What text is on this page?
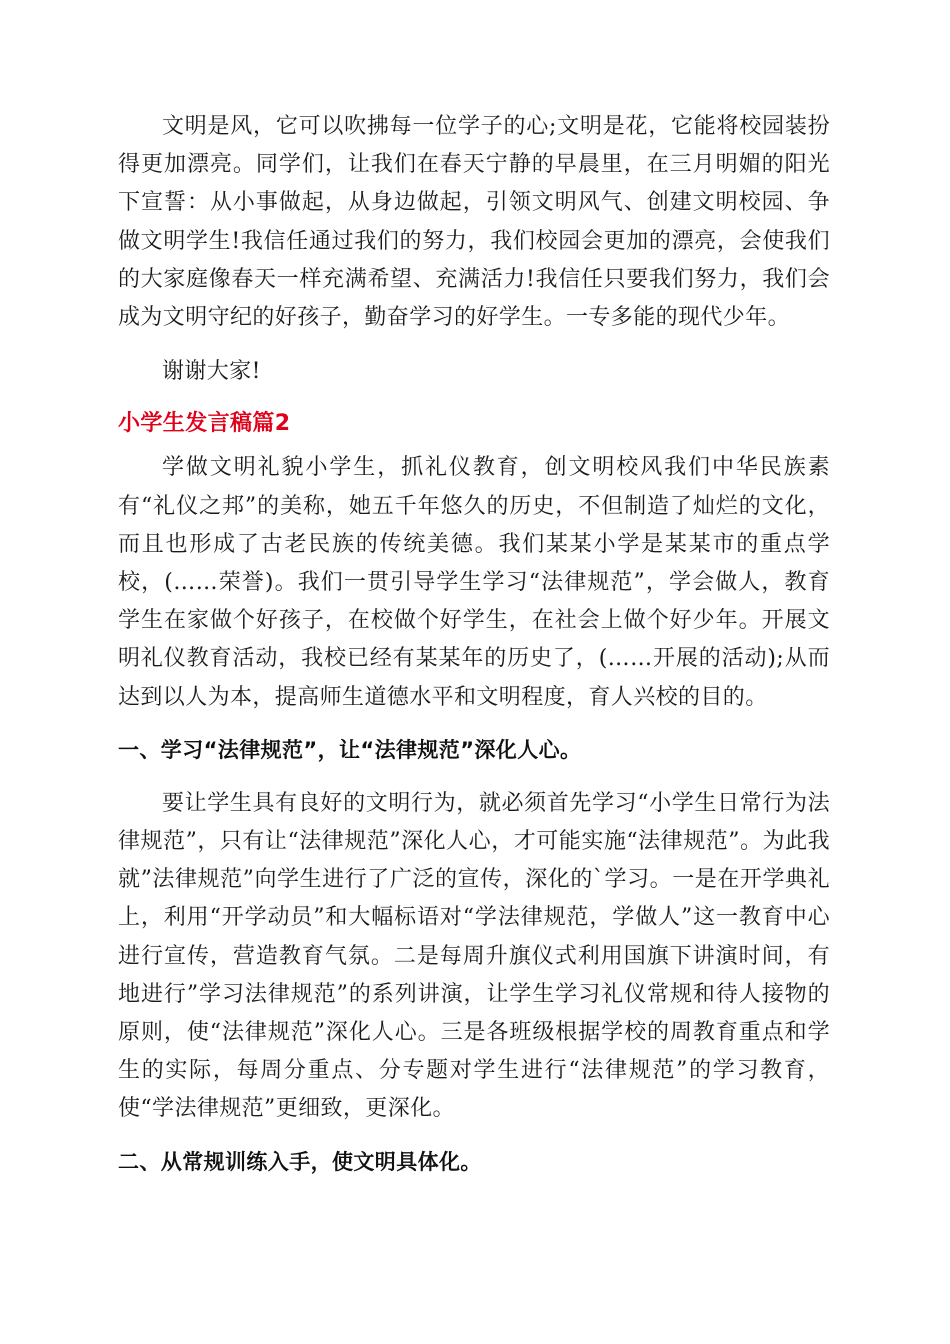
文明是风，它可以吹拂每一位学子的心;文明是花，它能将校园装扮得更加漂亮。同学们，让我们在春天宁静的早晨里，在三月明媚的阳光下宣誓：从小事做起，从身边做起，引领文明风气、创建文明校园、争做文明学生!我信任通过我们的努力，我们校园会更加的漂亮，会使我们的大家庭像春天一样充满希望、充满活力!我信任只要我们努力，我们会成为文明守纪的好孩子，勤奋学习的好学生。一专多能的现代少年。

谢谢大家!

小学生发言稿篇2

学做文明礼貌小学生，抓礼仪教育，创文明校风我们中华民族素有“礼仪之邦”的美称，她五千年悠久的历史，不但制造了灿烂的文化，而且也形成了古老民族的传统美德。我们某某小学是某某市的重点学校，(……荣誉)。我们一贯引导学生学习“法律规范”，学会做人，教育学生在家做个好孩子，在校做个好学生，在社会上做个好少年。开展文明礼仪教育活动，我校已经有某某年的历史了，(……开展的活动);从而达到以人为本，提高师生道德水平和文明程度，育人兴校的目的。

一、学习“法律规范”，让“法律规范”深化人心。

要让学生具有良好的文明行为，就必须首先学习“小学生日常行为法律规范”，只有让“法律规范”深化人心，才可能实施“法律规范”。为此我就”法律规范”向学生进行了广泛的宣传，深化的`学习。一是在开学典礼上，利用“开学动员”和大幅标语对“学法律规范，学做人”这一教育中心进行宣传，营造教育气氛。二是每周升旗仪式利用国旗下讲演时间，有地进行”学习法律规范”的系列讲演，让学生学习礼仪常规和待人接物的原则，使“法律规范”深化人心。三是各班级根据学校的周教育重点和学生的实际，每周分重点、分专题对学生进行“法律规范”的学习教育，使“学法律规范”更细致，更深化。

二、从常规训练入手，使文明具体化。
